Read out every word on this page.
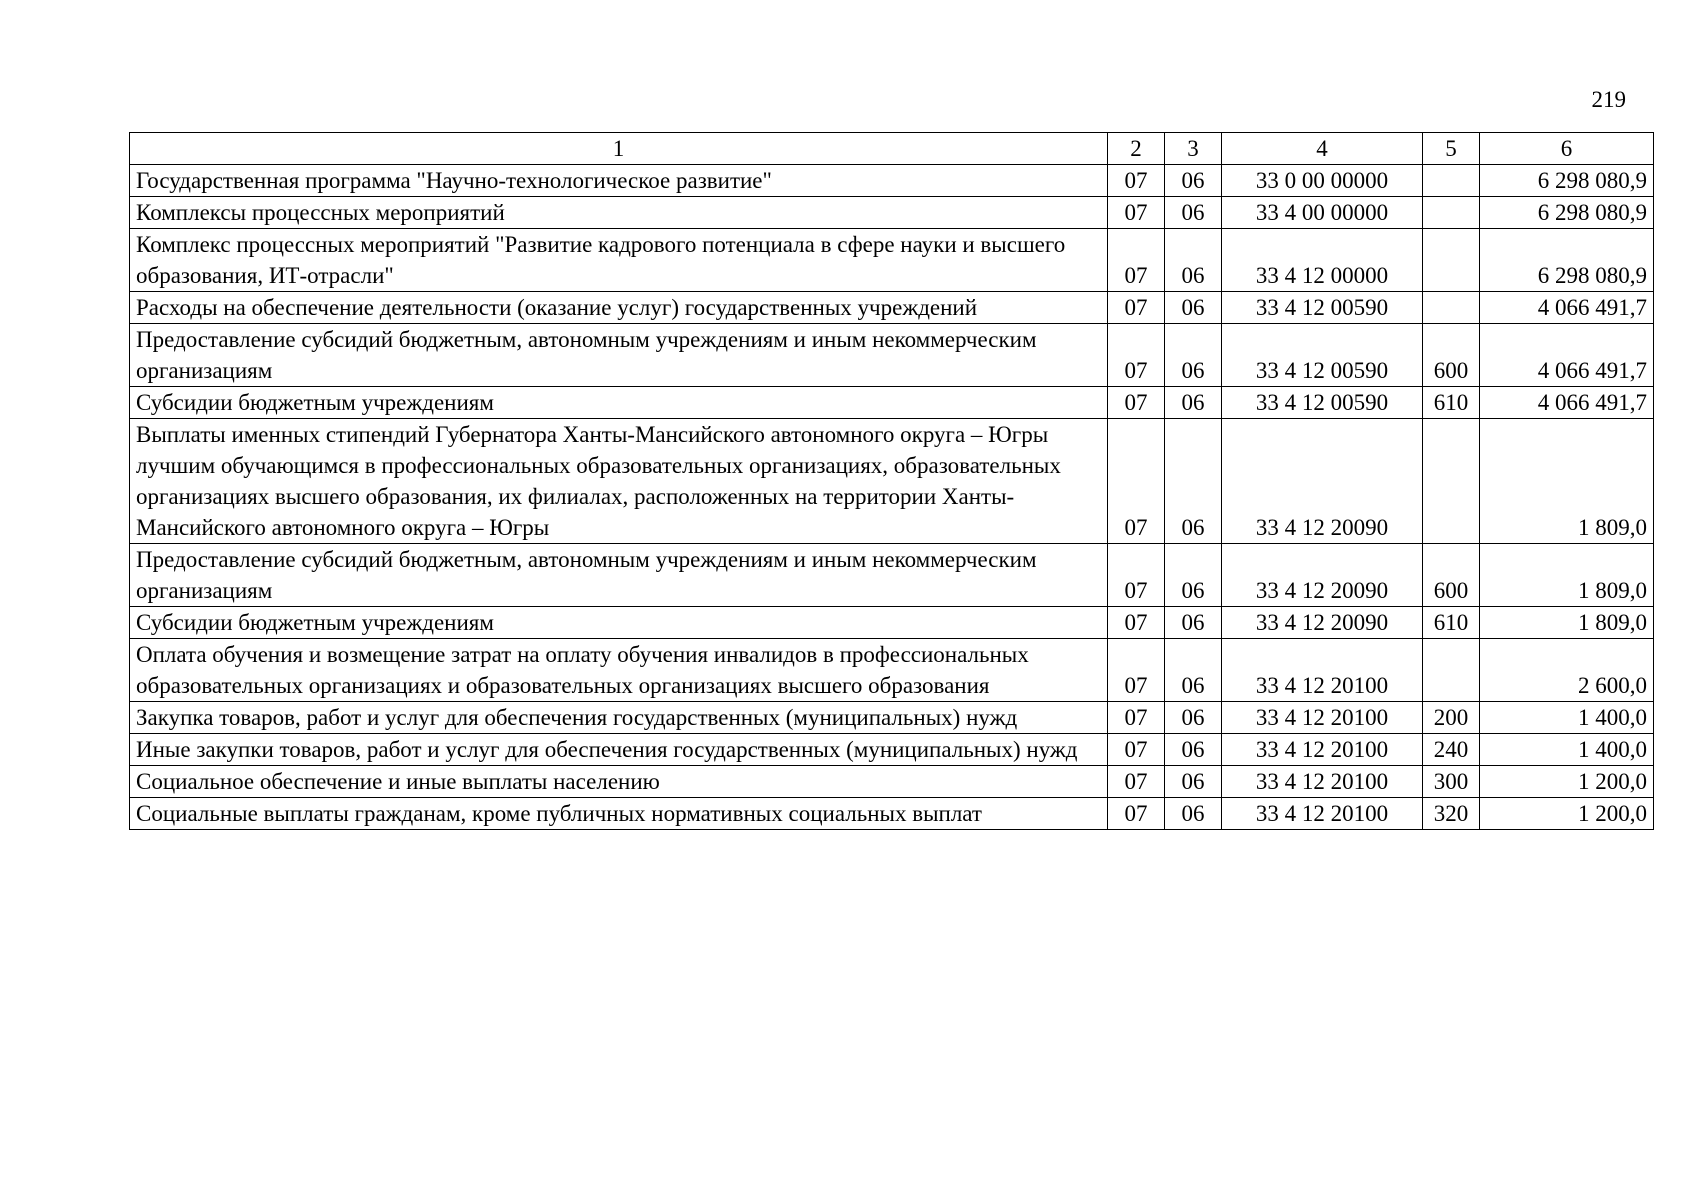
219
1	2	3	4	5	6
Государственная программа "Научно-технологическое развитие"	07	06	33 0 00 00000		6 298 080,9
Комплексы процессных мероприятий	07	06	33 4 00 00000		6 298 080,9
Комплекс процессных мероприятий "Развитие кадрового потенциала в сфере науки и высшего образования, ИТ-отрасли"	07	06	33 4 12 00000		6 298 080,9
Расходы на обеспечение деятельности (оказание услуг) государственных учреждений	07	06	33 4 12 00590		4 066 491,7
Предоставление субсидий бюджетным, автономным учреждениям и иным некоммерческим организациям	07	06	33 4 12 00590	600	4 066 491,7
Субсидии бюджетным учреждениям	07	06	33 4 12 00590	610	4 066 491,7
Выплаты именных стипендий Губернатора Ханты-Мансийского автономного округа – Югры лучшим обучающимся в профессиональных образовательных организациях, образовательных организациях высшего образования, их филиалах, расположенных на территории Ханты-Мансийского автономного округа – Югры	07	06	33 4 12 20090		1 809,0
Предоставление субсидий бюджетным, автономным учреждениям и иным некоммерческим организациям	07	06	33 4 12 20090	600	1 809,0
Субсидии бюджетным учреждениям	07	06	33 4 12 20090	610	1 809,0
Оплата обучения и возмещение затрат на оплату обучения инвалидов в профессиональных образовательных организациях и образовательных организациях высшего образования	07	06	33 4 12 20100		2 600,0
Закупка товаров, работ и услуг для обеспечения государственных (муниципальных) нужд	07	06	33 4 12 20100	200	1 400,0
Иные закупки товаров, работ и услуг для обеспечения государственных (муниципальных) нужд	07	06	33 4 12 20100	240	1 400,0
Социальное обеспечение и иные выплаты населению	07	06	33 4 12 20100	300	1 200,0
Социальные выплаты гражданам, кроме публичных нормативных социальных выплат	07	06	33 4 12 20100	320	1 200,0
